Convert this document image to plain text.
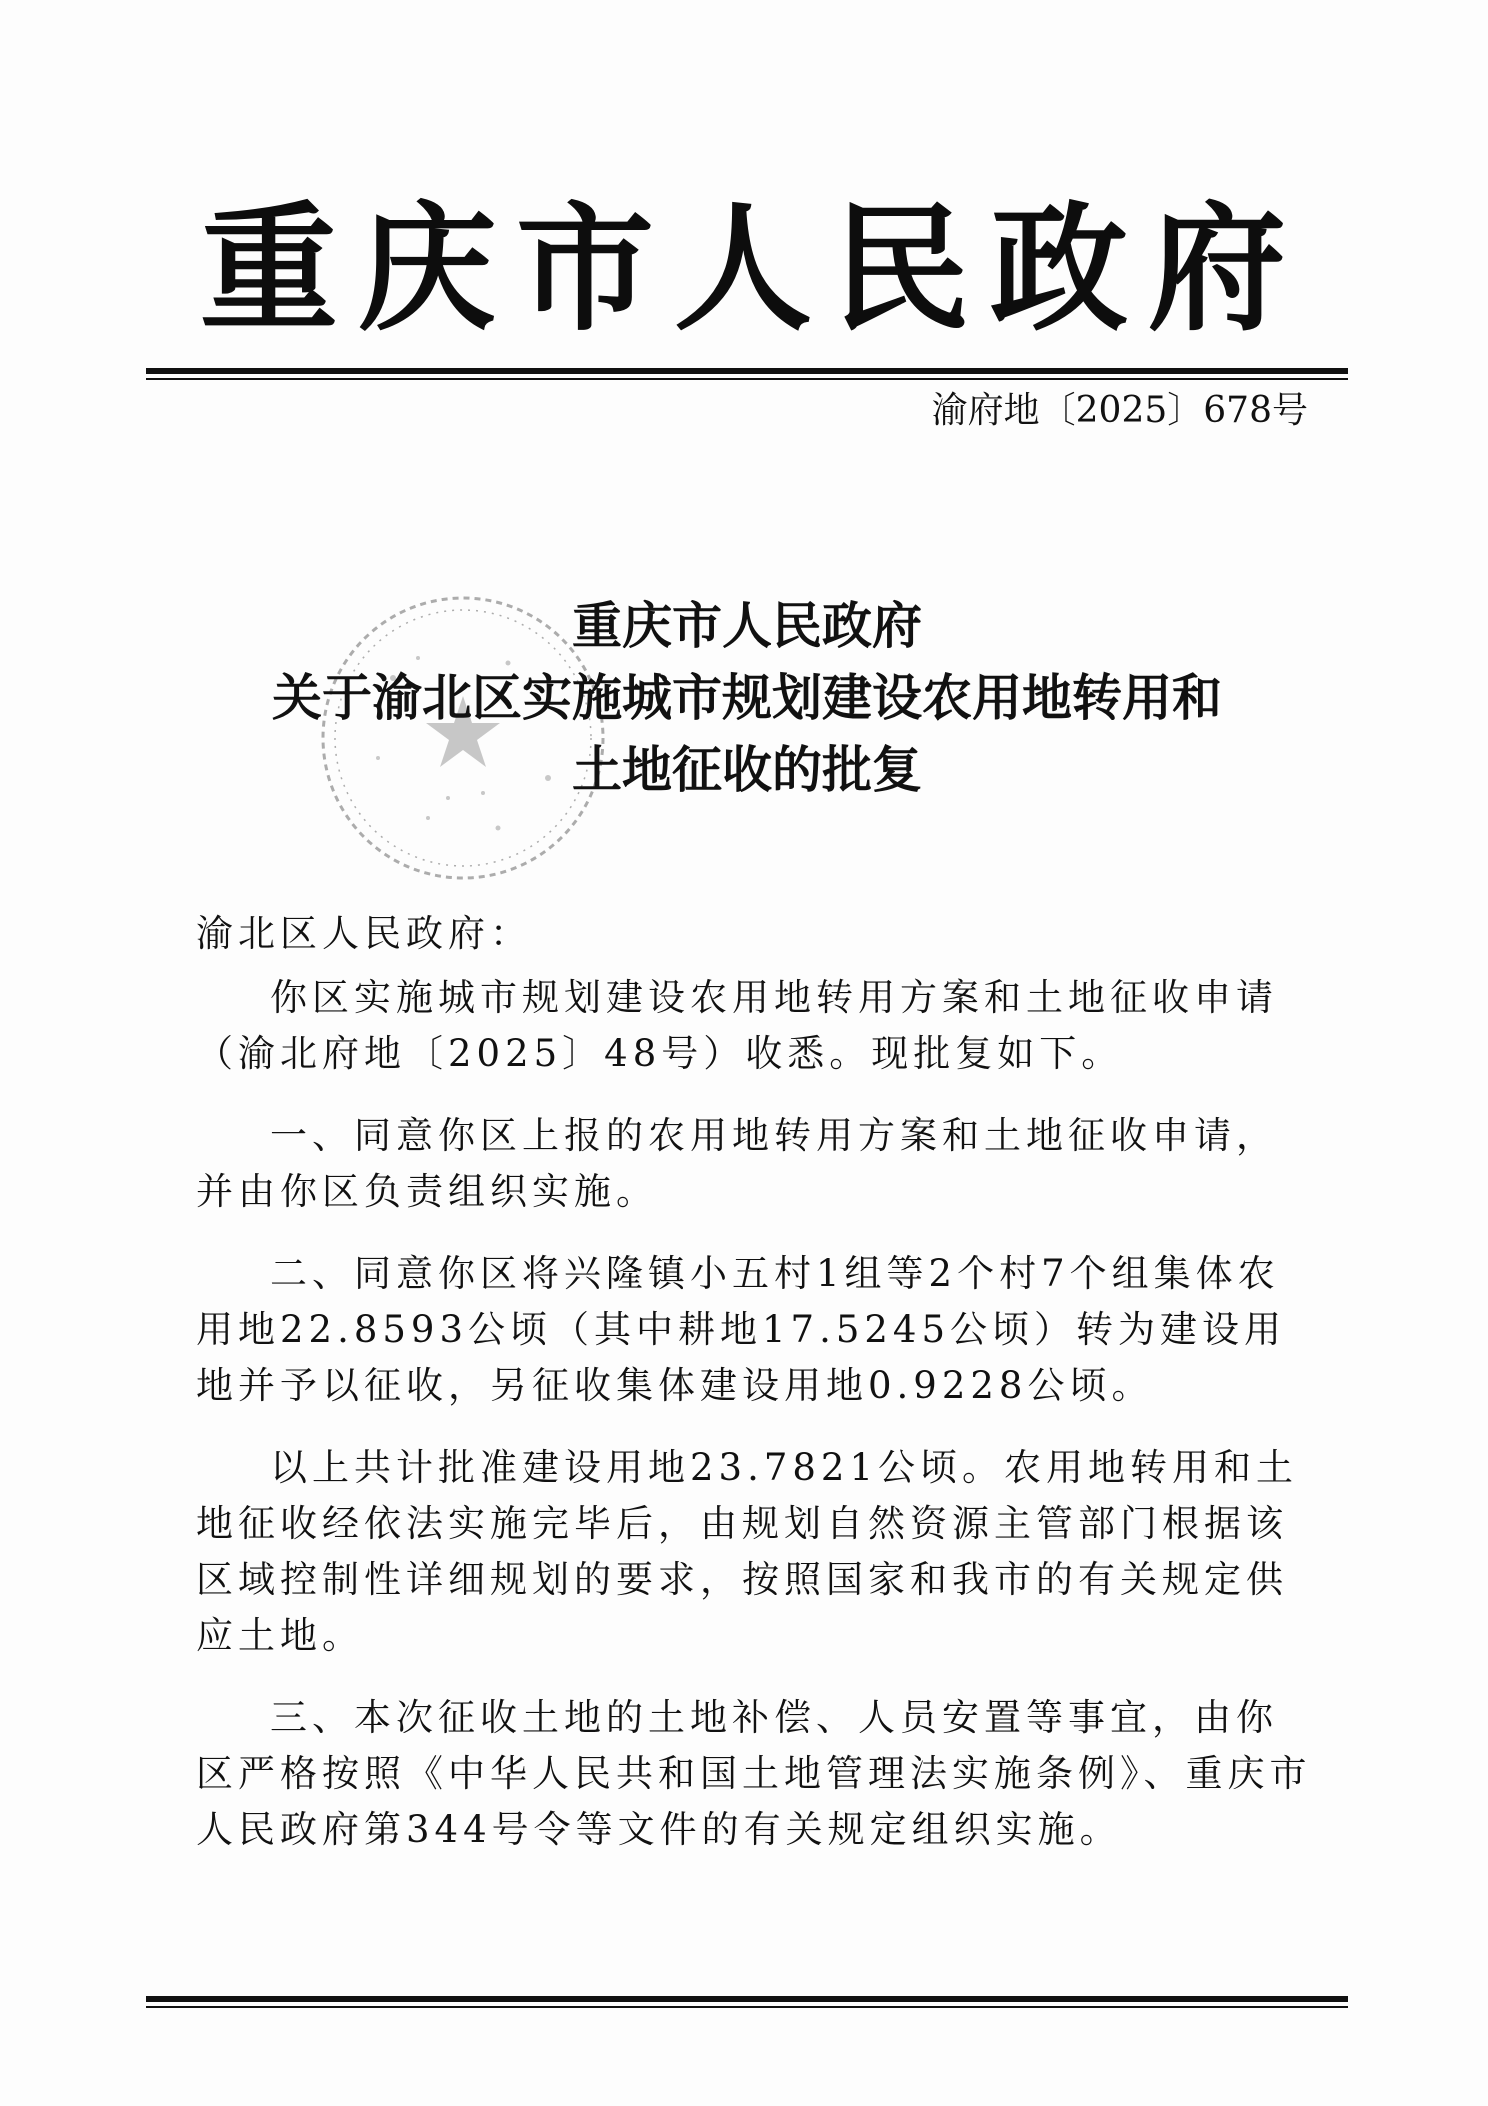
重庆市人民政府
渝府地〔2025〕678号
重庆市人民政府
关于渝北区实施城市规划建设农用地转用和
土地征收的批复
渝北区人民政府：

你区实施城市规划建设农用地转用方案和土地征收申请（渝北府地〔2025〕48号）收悉。现批复如下。

一、同意你区上报的农用地转用方案和土地征收申请，并由你区负责组织实施。

二、同意你区将兴隆镇小五村1组等2个村7个组集体农用地22.8593公顷（其中耕地17.5245公顷）转为建设用地并予以征收，另征收集体建设用地0.9228公顷。

以上共计批准建设用地23.7821公顷。农用地转用和土地征收经依法实施完毕后，由规划自然资源主管部门根据该区域控制性详细规划的要求，按照国家和我市的有关规定供应土地。

三、本次征收土地的土地补偿、人员安置等事宜，由你区严格按照《中华人民共和国土地管理法实施条例》、重庆市人民政府第344号令等文件的有关规定组织实施。
